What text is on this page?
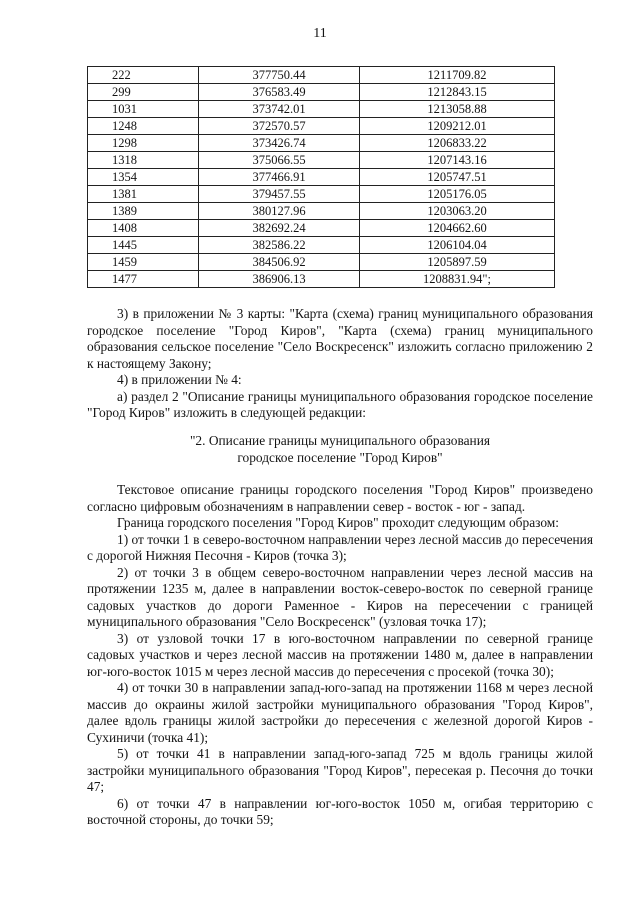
11
222	377750.44	1211709.82
299	376583.49	1212843.15
1031	373742.01	1213058.88
1248	372570.57	1209212.01
1298	373426.74	1206833.22
1318	375066.55	1207143.16
1354	377466.91	1205747.51
1381	379457.55	1205176.05
1389	380127.96	1203063.20
1408	382692.24	1204662.60
1445	382586.22	1206104.04
1459	384506.92	1205897.59
1477	386906.13	1208831.94";

3) в приложении № 3 карты: "Карта (схема) границ муниципального образования городское поселение "Город Киров", "Карта (схема) границ муниципального образования сельское поселение "Село Воскресенск" изложить согласно приложению 2 к настоящему Закону;

4) в приложении № 4:

а) раздел 2 "Описание границы муниципального образования городское поселение "Город Киров" изложить в следующей редакции:

"2. Описание границы муниципального образования
городское поселение "Город Киров"

Текстовое описание границы городского поселения "Город Киров" произведено согласно цифровым обозначениям в направлении север - восток - юг - запад.

Граница городского поселения "Город Киров" проходит следующим образом:

1) от точки 1 в северо-восточном направлении через лесной массив до пересечения с дорогой Нижняя Песочня - Киров (точка 3);

2) от точки 3 в общем северо-восточном направлении через лесной массив на протяжении 1235 м, далее в направлении восток-северо-восток по северной границе садовых участков до дороги Раменное - Киров на пересечении с границей муниципального образования "Село Воскресенск" (узловая точка 17);

3) от узловой точки 17 в юго-восточном направлении по северной границе садовых участков и через лесной массив на протяжении 1480 м, далее в направлении юг-юго-восток 1015 м через лесной массив до пересечения с просекой (точка 30);

4) от точки 30 в направлении запад-юго-запад на протяжении 1168 м через лесной массив до окраины жилой застройки муниципального образования "Город Киров", далее вдоль границы жилой застройки до пересечения с железной дорогой Киров - Сухиничи (точка 41);

5) от точки 41 в направлении запад-юго-запад 725 м вдоль границы жилой застройки муниципального образования "Город Киров", пересекая р. Песочня до точки 47;

6) от точки 47 в направлении юг-юго-восток 1050 м, огибая территорию с восточной стороны, до точки 59;
